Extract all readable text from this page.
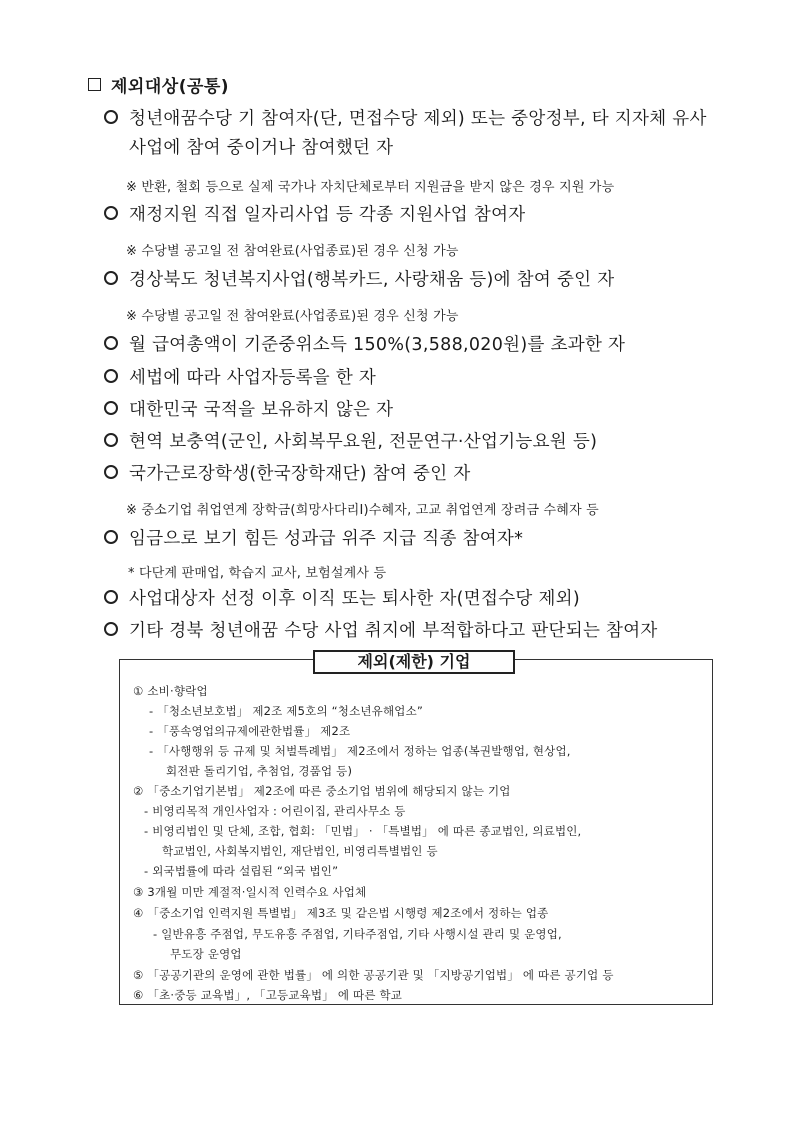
제외대상(공통)
청년애꿈수당 기 참여자(단, 면접수당 제외) 또는 중앙정부, 타 지자체 유사사업에 참여 중이거나 참여했던 자
※ 반환, 철회 등으로 실제 국가나 자치단체로부터 지원금을 받지 않은 경우 지원 가능
재정지원 직접 일자리사업 등 각종 지원사업 참여자
※ 수당별 공고일 전 참여완료(사업종료)된 경우 신청 가능
경상북도 청년복지사업(행복카드, 사랑채움 등)에 참여 중인 자
※ 수당별 공고일 전 참여완료(사업종료)된 경우 신청 가능
월 급여총액이 기준중위소득 150%(3,588,020원)를 초과한 자
세법에 따라 사업자등록을 한 자
대한민국 국적을 보유하지 않은 자
현역 보충역(군인, 사회복무요원, 전문연구·산업기능요원 등)
국가근로장학생(한국장학재단) 참여 중인 자
※ 중소기업 취업연계 장학금(희망사다리Ⅰ)수혜자, 고교 취업연계 장려금 수혜자 등
임금으로 보기 힘든 성과급 위주 지급 직종 참여자*
* 다단계 판매업, 학습지 교사, 보험설계사 등
사업대상자 선정 이후 이직 또는 퇴사한 자(면접수당 제외)
기타 경북 청년애꿈 수당 사업 취지에 부적합하다고 판단되는 참여자
제외(제한) 기업
① 소비·향락업
- 「청소년보호법」 제2조 제5호의 “청소년유해업소”
- 「풍속영업의규제에관한법률」 제2조
- 「사행행위 등 규제 및 처벌특례법」 제2조에서 정하는 업종(복권발행업, 현상업,
회전판 돌리기업, 추첨업, 경품업 등)
② 「중소기업기본법」 제2조에 따른 중소기업 범위에 해당되지 않는 기업
- 비영리목적 개인사업자 : 어린이집, 관리사무소 등
- 비영리법인 및 단체, 조합, 협회: 「민법」 · 「특별법」 에 따른 종교법인, 의료법인,
학교법인, 사회복지법인, 재단법인, 비영리특별법인 등
- 외국법률에 따라 설립된 “외국 법인”
③ 3개월 미만 계절적·일시적 인력수요 사업체
④ 「중소기업 인력지원 특별법」 제3조 및 같은법 시행령 제2조에서 정하는 업종
- 일반유흥 주점업, 무도유흥 주점업, 기타주점업, 기타 사행시설 관리 및 운영업,
무도장 운영업
⑤ 「공공기관의 운영에 관한 법률」 에 의한 공공기관 및 「지방공기업법」 에 따른 공기업 등
⑥ 「초·중등 교육법」, 「고등교육법」 에 따른 학교
